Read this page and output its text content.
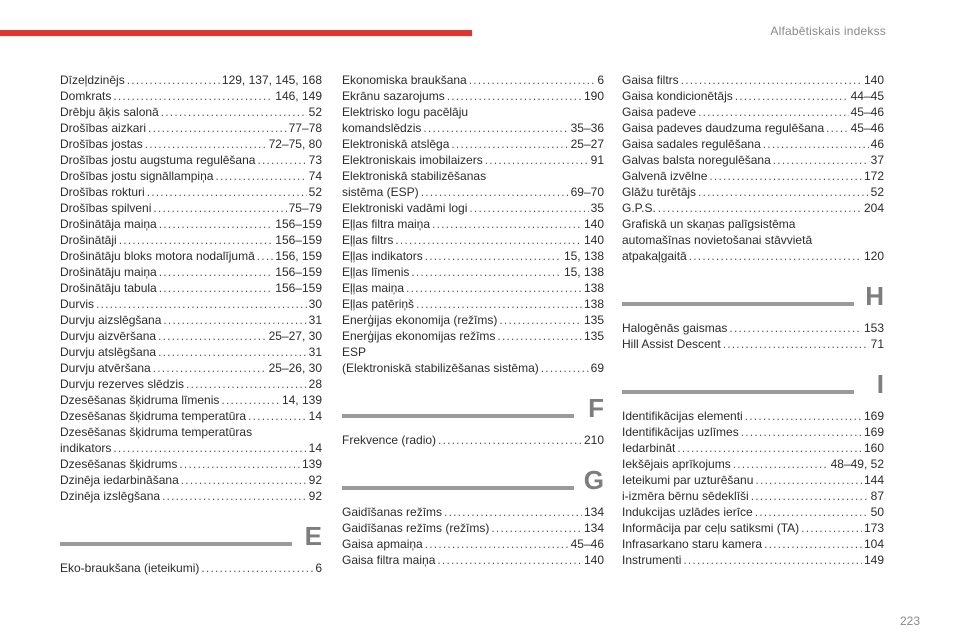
Alfabētiskais indekss
Dīzeļdzinējs .....	129, 137, 145, 168
Domkrats .....	146, 149
Drēbju āķis salonā .....	52
Drošības aizkari .....	77–78
Drošības jostas .....	72–75, 80
Drošības jostu augstuma regulēšana .....	73
Drošības jostu signāllampiņa .....	74
Drošības rokturi .....	52
Drošības spilveni .....	75–79
Drošinātāja maiņa .....	156–159
Drošinātāji .....	156–159
Drošinātāju bloks motora nodalījumā ..... 156, 159
Drošinātāju maiņa .....	156–159
Drošinātāju tabula .....	156–159
Durvis .....	30
Durvju aizslēgšana .....	31
Durvju aizvēršana .....	25–27, 30
Durvju atslēgšana .....	31
Durvju atvēršana .....	25–26, 30
Durvju rezerves slēdzis .....	28
Dzesēšanas šķidruma līmenis .....	14, 139
Dzesēšanas šķidruma temperatūra .....	14
Dzesēšanas šķidruma temperatūras
indikators .....	14
Dzesēšanas šķidrums .....	139
Dzinēja iedarbināšana .....	92
Dzinēja izslēgšana .....	92
E
Eko-braukšana (ieteikumi) .....	6
Ekonomiska braukšana .....	6
Ekrānu sazarojums .....	190
Elektrisko logu pacēlāju
komandslēdzis .....	35–36
Elektroniskā atslēga .....	25–27
Elektroniskais imobilaizers .....	91
Elektroniskā stabilizēšanas
sistēma (ESP) .....	69–70
Elektroniski vadāmi logi .....	35
Eļļas filtra maiņa .....	140
Eļļas filtrs .....	140
Eļļas indikators .....	15, 138
Eļļas līmenis .....	15, 138
Eļļas maiņa .....	138
Eļļas patēriņš .....	138
Enerģijas ekonomija (režīms) .....	135
Enerģijas ekonomijas režīms .....	135
ESP
(Elektroniskā stabilizēšanas sistēma) .....	69
F
Frekvence (radio) .....	210
G
Gaidīšanas režīms .....	134
Gaidīšanas režīms (režīms) .....	134
Gaisa apmaiņa .....	45–46
Gaisa filtra maiņa .....	140
Gaisa filtrs .....	140
Gaisa kondicionētājs .....	44–45
Gaisa padeve .....	45–46
Gaisa padeves daudzuma regulēšana ..... 45–46
Gaisa sadales regulēšana .....	46
Galvas balsta noregulēšana .....	37
Galvenā izvēlne .....	172
Glāžu turētājs .....	52
G.P.S. .....	204
Grafiskā un skaņas palīgsistēma
automašīnas novietošanai stāvvietā
atpakaļgaitā .....	120
H
Halogēnās gaismas .....	153
Hill Assist Descent .....	71
I
Identifikācijas elementi .....	169
Identifikācijas uzlīmes .....	169
Iedarbināt .....	160
Iekšējais aprīkojums .....	48–49, 52
Ieteikumi par uzturēšanu .....	144
i-izmēra bērnu sēdeklīši .....	87
Indukcijas uzlādes ierīce .....	50
Informācija par ceļu satiksmi (TA) .....	173
Infrasarkano staru kamera .....	104
Instrumenti .....	149
223
